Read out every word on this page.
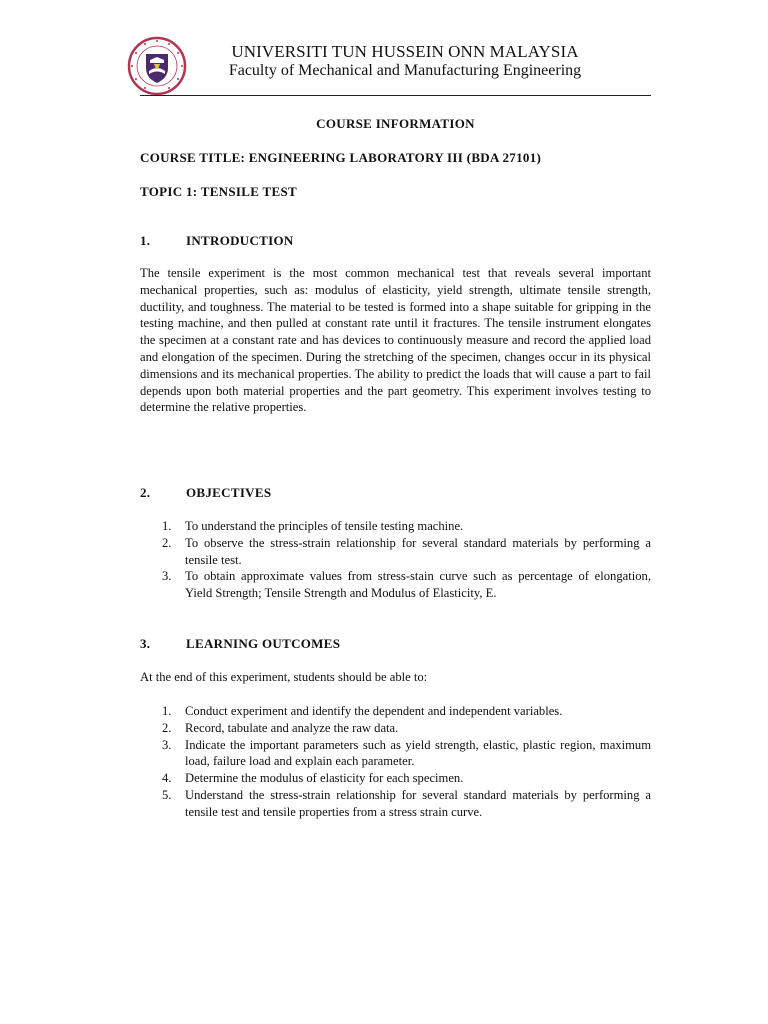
UNIVERSITI TUN HUSSEIN ONN MALAYSIA
Faculty of Mechanical and Manufacturing Engineering
COURSE INFORMATION
COURSE TITLE: ENGINEERING LABORATORY III (BDA 27101)
TOPIC 1: TENSILE TEST
1.	INTRODUCTION
The tensile experiment is the most common mechanical test that reveals several important mechanical properties, such as: modulus of elasticity, yield strength, ultimate tensile strength, ductility, and toughness. The material to be tested is formed into a shape suitable for gripping in the testing machine, and then pulled at constant rate until it fractures. The tensile instrument elongates the specimen at a constant rate and has devices to continuously measure and record the applied load and elongation of the specimen. During the stretching of the specimen, changes occur in its physical dimensions and its mechanical properties. The ability to predict the loads that will cause a part to fail depends upon both material properties and the part geometry. This experiment involves testing to determine the relative properties.
2.	OBJECTIVES
1. To understand the principles of tensile testing machine.
2. To observe the stress-strain relationship for several standard materials by performing a tensile test.
3. To obtain approximate values from stress-stain curve such as percentage of elongation, Yield Strength; Tensile Strength and Modulus of Elasticity, E.
3.	LEARNING OUTCOMES
At the end of this experiment, students should be able to:
1. Conduct experiment and identify the dependent and independent variables.
2. Record, tabulate and analyze the raw data.
3. Indicate the important parameters such as yield strength, elastic, plastic region, maximum load, failure load and explain each parameter.
4. Determine the modulus of elasticity for each specimen.
5. Understand the stress-strain relationship for several standard materials by performing a tensile test and tensile properties from a stress strain curve.
